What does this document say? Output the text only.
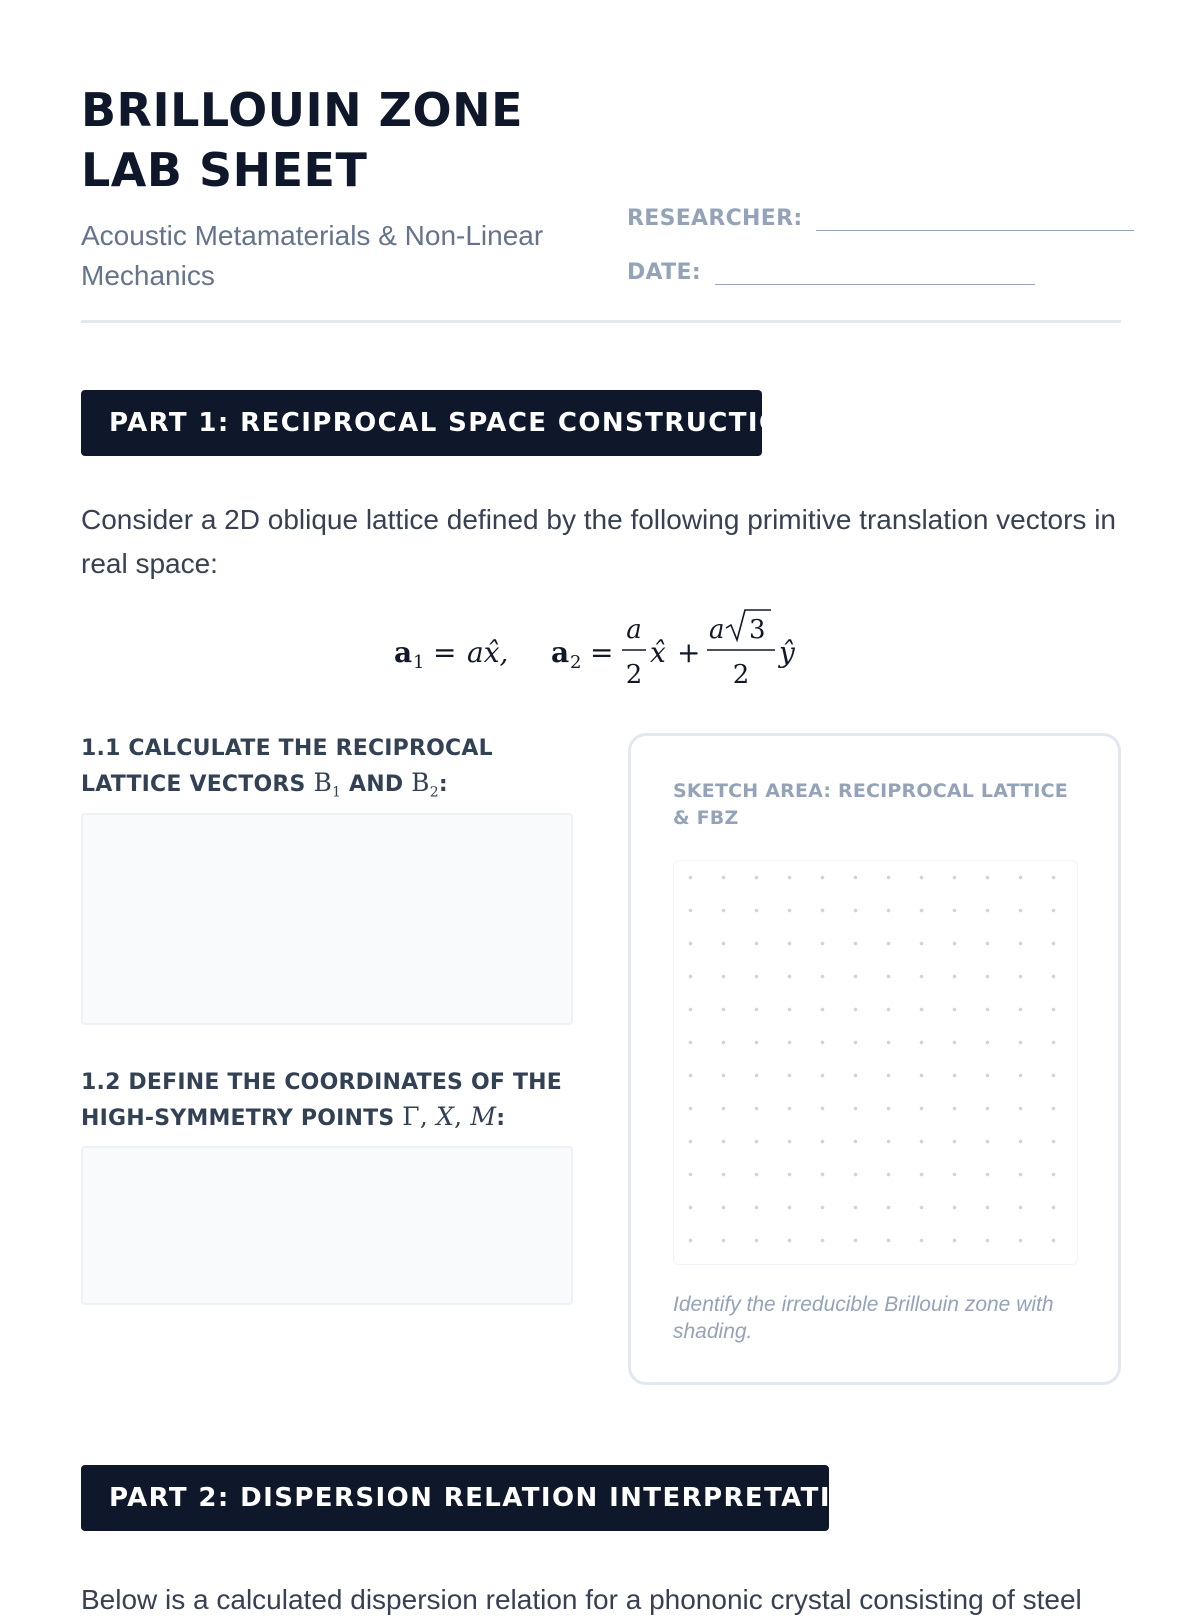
BRILLOUIN ZONE
LAB SHEET
Acoustic Metamaterials & Non-Linear Mechanics
RESEARCHER:
DATE:
PART 1: RECIPROCAL SPACE CONSTRUCTION

Consider a 2D oblique lattice defined by the following primitive translation vectors in real space:

a 1 = ax̂, a 2 =
a
2
x̂ +
a 3
2
ŷ
1.1 CALCULATE THE RECIPROCAL LATTICE VECTORS $B_1$ AND $B_2$:
1.2 DEFINE THE COORDINATES OF THE HIGH-SYMMETRY POINTS Γ, X, M:

SKETCH AREA: RECIPROCAL LATTICE & FBZ

Identify the irreducible Brillouin zone with shading.

PART 2: DISPERSION RELATION INTERPRETATION

Below is a calculated dispersion relation for a phononic crystal consisting of steel
